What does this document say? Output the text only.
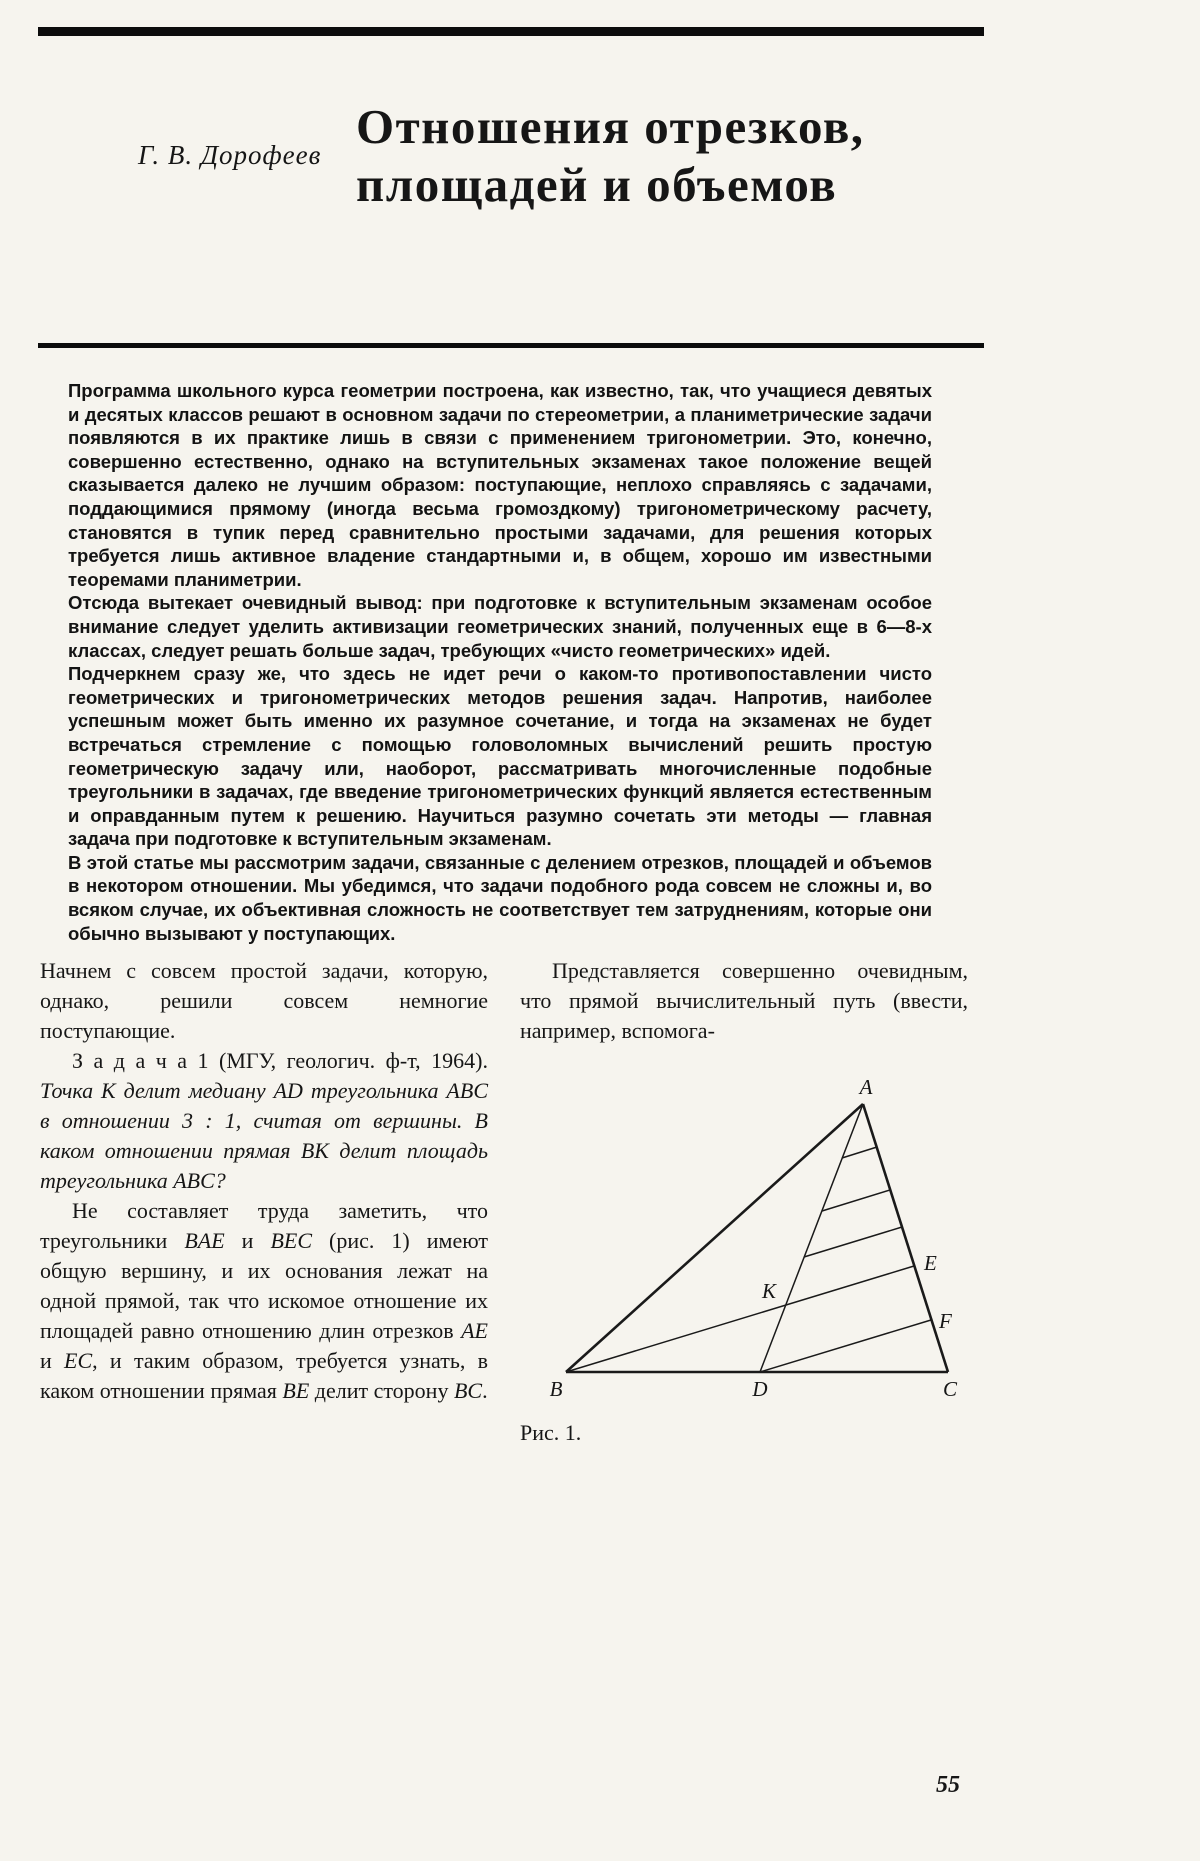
Г. В. Дорофеев
Отношения отрезков,
площадей и объемов

Программа школьного курса геометрии построена, как известно, так, что учащиеся девятых и десятых классов решают в основном задачи по стереометрии, а планиметрические задачи появляются в их практике лишь в связи с применением тригонометрии. Это, конечно, совершенно естественно, однако на вступительных экзаменах такое положение вещей сказывается далеко не лучшим образом: поступающие, неплохо справляясь с задачами, поддающимися прямому (иногда весьма громоздкому) тригонометрическому расчету, становятся в тупик перед сравнительно простыми задачами, для решения которых требуется лишь активное владение стандартными и, в общем, хорошо им известными теоремами планиметрии.

Отсюда вытекает очевидный вывод: при подготовке к вступительным экзаменам особое внимание следует уделить активизации геометрических знаний, полученных еще в 6—8-х классах, следует решать больше задач, требующих «чисто геометрических» идей.

Подчеркнем сразу же, что здесь не идет речи о каком-то противопоставлении чисто геометрических и тригонометрических методов решения задач. Напротив, наиболее успешным может быть именно их разумное сочетание, и тогда на экзаменах не будет встречаться стремление с помощью головоломных вычислений решить простую геометрическую задачу или, наоборот, рассматривать многочисленные подобные треугольники в задачах, где введение тригонометрических функций является естественным и оправданным путем к решению. Научиться разумно сочетать эти методы — главная задача при подготовке к вступительным экзаменам.

В этой статье мы рассмотрим задачи, связанные с делением отрезков, площадей и объемов в некотором отношении. Мы убедимся, что задачи подобного рода совсем не сложны и, во всяком случае, их объективная сложность не соответствует тем затруднениям, которые они обычно вызывают у поступающих.

Начнем с совсем простой задачи, которую, однако, решили совсем немногие поступающие.

З а д а ч а 1 (МГУ, геологич. ф-т, 1964). Точка K делит медиану AD треугольника ABC в отношении 3 : 1, считая от вершины. В каком отношении прямая BK делит площадь треугольника ABC?

Не составляет труда заметить, что треугольники BAE и BEC (рис. 1) имеют общую вершину, и их основания лежат на одной прямой, так что искомое отношение их площадей равно отношению длин отрезков AE и EC, и таким образом, требуется узнать, в каком отношении прямая BE делит сторону BC.

Представляется совершенно очевидным, что прямой вычислительный путь (ввести, например, вспомога-

A
B	C
D
E
F
K
Рис. 1.
55
